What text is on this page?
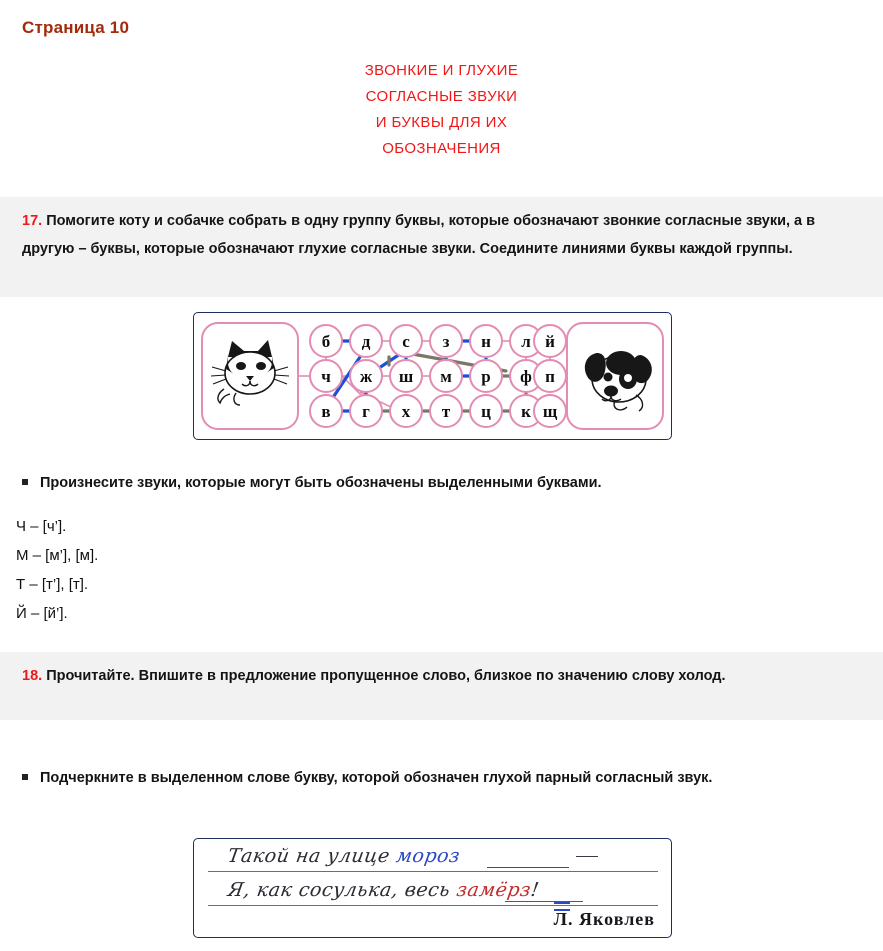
Страница 10
ЗВОНКИЕ И ГЛУХИЕ
СОГЛАСНЫЕ ЗВУКИ
И БУКВЫ ДЛЯ ИХ
ОБОЗНАЧЕНИЯ

17. Помогите коту и собачке собрать в одну группу буквы, которые обозначают звонкие согласные звуки, а в другую – буквы, которые обозначают глухие согласные звуки. Соедините линиями буквы каждой группы.

б д с з н л й
ч ж ш м р ф п
в г х т ц к щ
Произнесите звуки, которые могут быть обозначены выделенными буквами.
Ч – [ч’].
М – [м’], [м].
Т – [т’], [т].
Й – [й’].

18. Прочитайте. Впишите в предложение пропущенное слово, близкое по значению слову холод.

Подчеркните в выделенном слове букву, которой обозначен глухой парный согласный звук.
Такой на улице мороз
Я, как сосулька, весь замёрз!
Л. Яковлев
